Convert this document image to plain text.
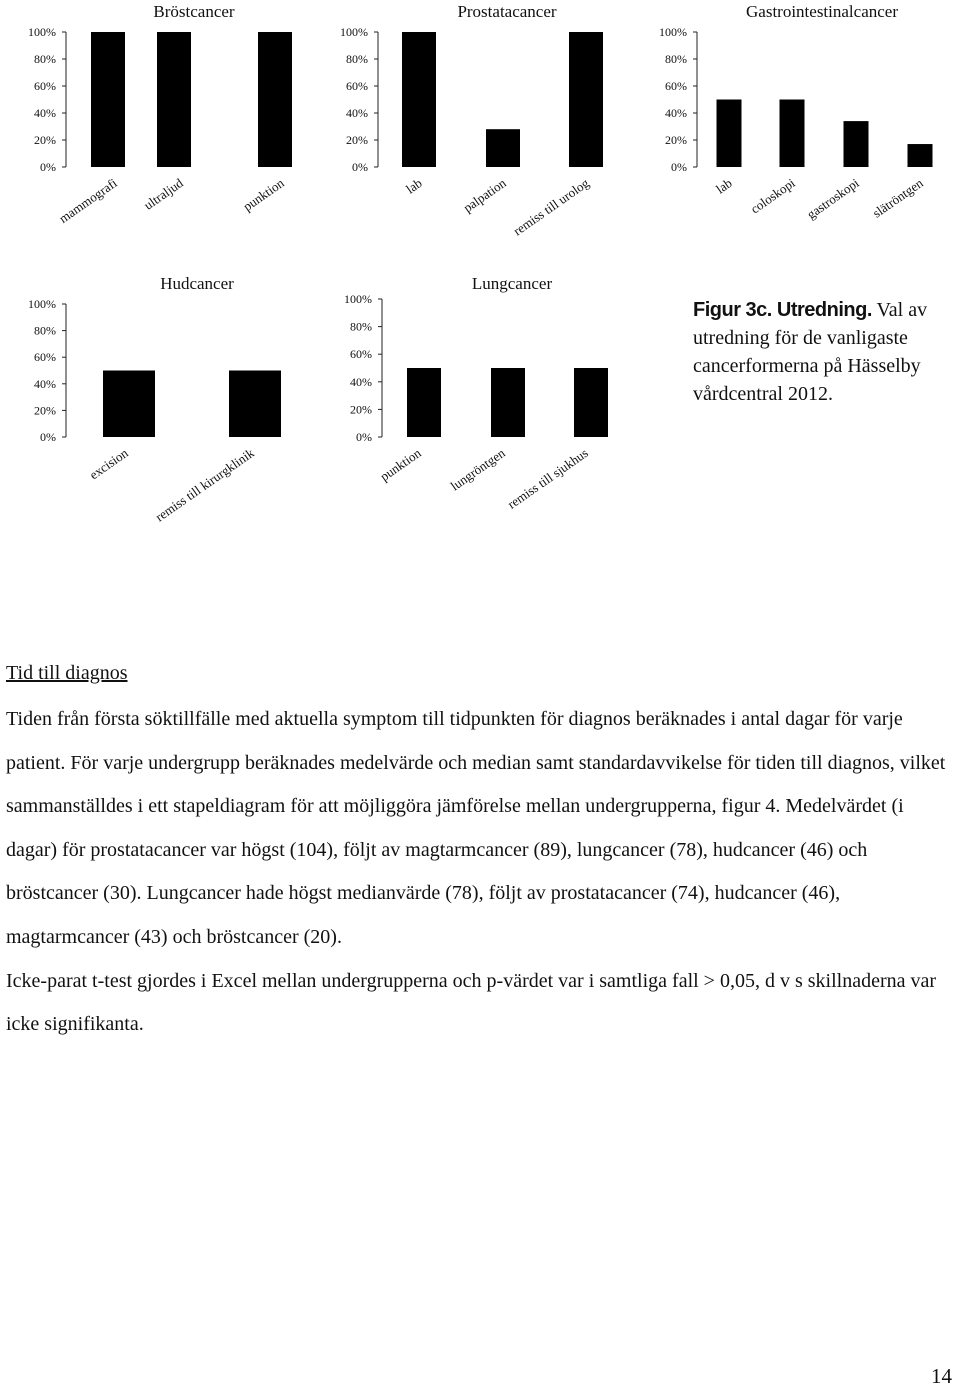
Bröstcancer
0%
20%
40%
60%
80%
100%
mammografi ultraljud	punktion
Prostatacancer
0%
20%
40%
60%
80%
100%
lab	palpation remiss till urolog
Gastrointestinalcancer
0%
20%
40%
60%
80%
100%
lab coloskopi gastroskopi slätröntgen
Hudcancer
0%
20%
40%
60%
80%
100%
excision remiss till kirurgklinik
Lungcancer
0%
20%
40%
60%
80%
100%
punktion lungröntgen
remiss till sjukhus
Figur 3c. Utredning. Val av utredning för de vanligaste cancerformerna på Hässelby vårdcentral 2012.
Tid till diagnos
Tiden från första söktillfälle med aktuella symptom till tidpunkten för diagnos beräknades i antal dagar för varje patient. För varje undergrupp beräknades medelvärde och median samt standardavvikelse för tiden till diagnos, vilket sammanställdes i ett stapeldiagram för att möjliggöra jämförelse mellan undergrupperna, figur 4. Medelvärdet (i dagar) för prostatacancer var högst (104), följt av magtarmcancer (89), lungcancer (78), hudcancer (46) och bröstcancer (30). Lungcancer hade högst medianvärde (78), följt av prostatacancer (74), hudcancer (46), magtarmcancer (43) och bröstcancer (20).
Icke-parat t-test gjordes i Excel mellan undergrupperna och p-värdet var i samtliga fall > 0,05, d v s skillnaderna var icke signifikanta.
14
